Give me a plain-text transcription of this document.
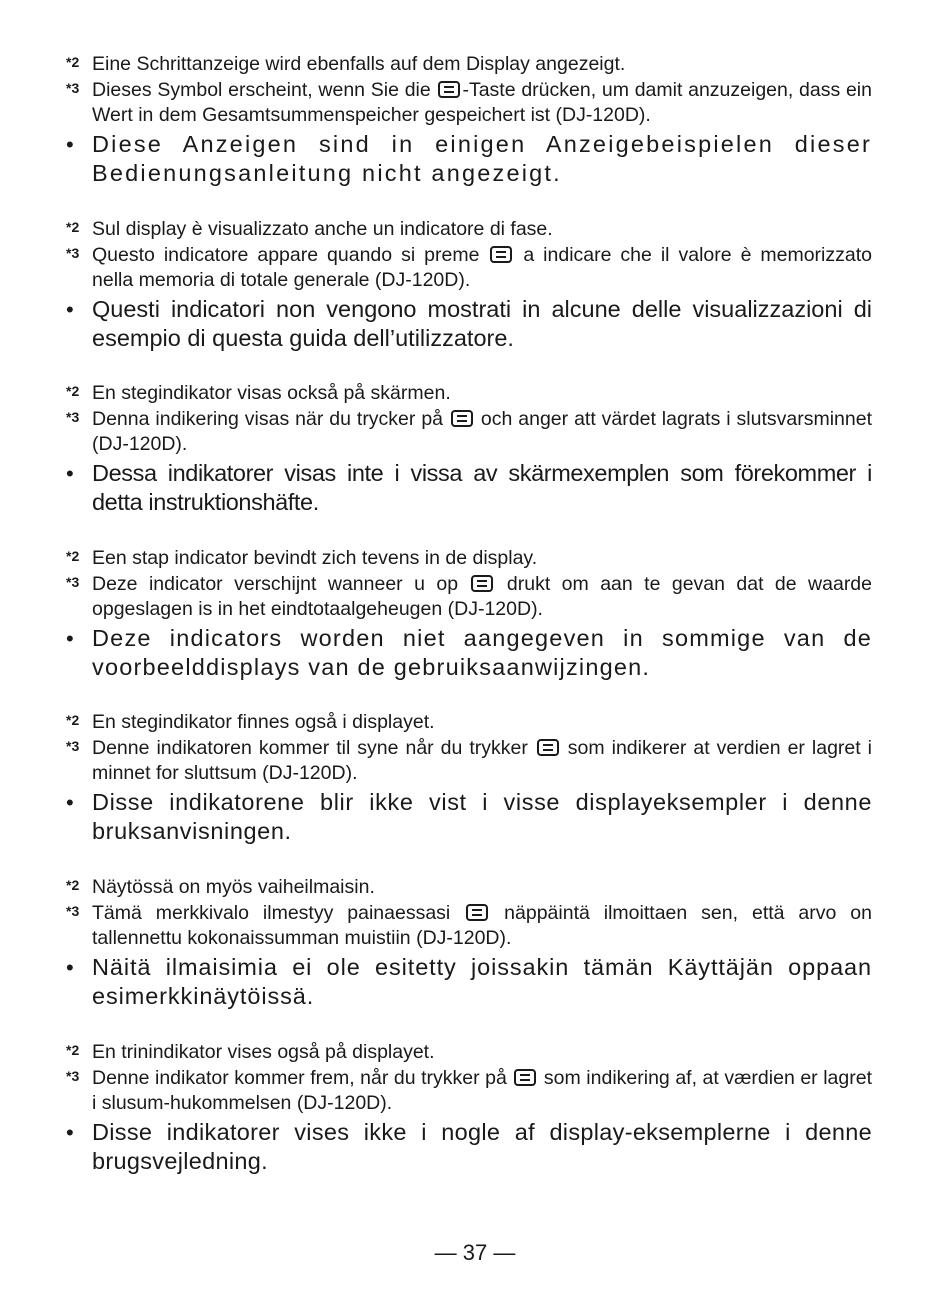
*2 Eine Schrittanzeige wird ebenfalls auf dem Display angezeigt.
*3 Dieses Symbol erscheint, wenn Sie die -Taste drücken, um damit anzuzeigen, dass ein Wert in dem Gesamtsummenspeicher gespeichert ist (DJ-120D).
• Diese Anzeigen sind in einigen Anzeigebeispielen dieser Bedienungsanleitung nicht angezeigt.
*2 Sul display è visualizzato anche un indicatore di fase.
*3 Questo indicatore appare quando si preme  a indicare che il valore è memorizzato nella memoria di totale generale (DJ-120D).
• Questi indicatori non vengono mostrati in alcune delle visualizzazioni di esempio di questa guida dell’utilizzatore.
*2 En stegindikator visas också på skärmen.
*3 Denna indikering visas när du trycker på  och anger att värdet lagrats i slutsvarsminnet (DJ-120D).
• Dessa indikatorer visas inte i vissa av skärmexemplen som förekommer i detta instruktionshäfte.
*2 Een stap indicator bevindt zich tevens in de display.
*3 Deze indicator verschijnt wanneer u op  drukt om aan te gevan dat de waarde opgeslagen is in het eindtotaalgeheugen (DJ-120D).
• Deze indicators worden niet aangegeven in sommige van de voorbeelddisplays van de gebruiksaanwijzingen.
*2 En stegindikator finnes også i displayet.
*3 Denne indikatoren kommer til syne når du trykker  som indikerer at verdien er lagret i minnet for sluttsum (DJ-120D).
• Disse indikatorene blir ikke vist i visse displayeksempler i denne bruksanvisningen.
*2 Näytössä on myös vaiheilmaisin.
*3 Tämä merkkivalo ilmestyy painaessasi  näppäintä ilmoittaen sen, että arvo on tallennettu kokonaissumman muistiin (DJ-120D).
• Näitä ilmaisimia ei ole esitetty joissakin tämän Käyttäjän oppaan esimerkkinäytöissä.
*2 En trinindikator vises også på displayet.
*3 Denne indikator kommer frem, når du trykker på  som indikering af, at værdien er lagret i slusum-hukommelsen (DJ-120D).
• Disse indikatorer vises ikke i nogle af display-eksemplerne i denne brugsvejledning.
— 37 —
